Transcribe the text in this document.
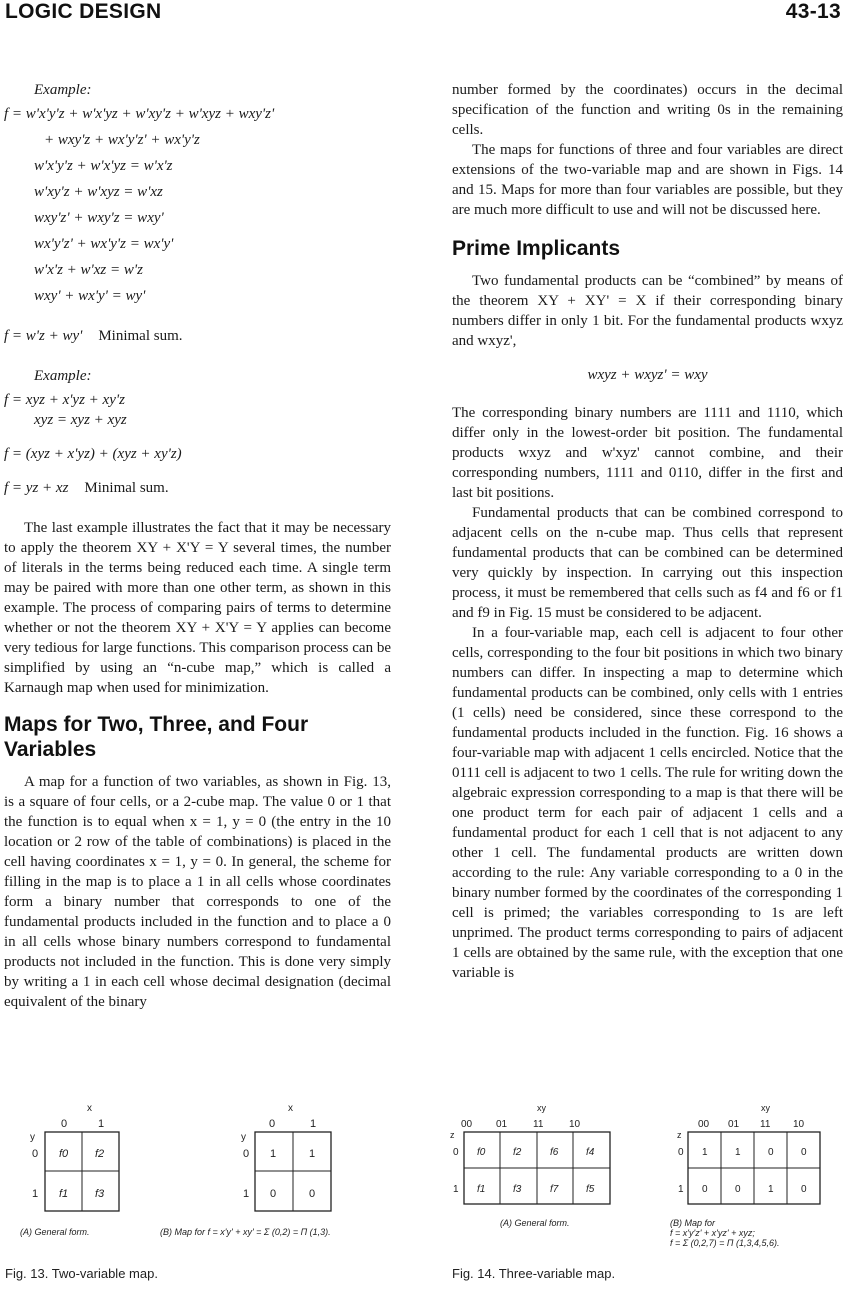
LOGIC DESIGN	43-13

Example:

f = w'x'y'z + w'x'yz + w'xy'z + w'xyz + wxy'z'

+ wxy'z + wx'y'z' + wx'y'z

w'x'y'z + w'x'yz = w'x'z

w'xy'z + w'xyz = w'xz

wxy'z' + wxy'z = wxy'

wx'y'z' + wx'y'z = wx'y'

w'x'z + w'xz = w'z

wxy' + wx'y' = wy'

f = w'z + wy' Minimal sum.

Example:

f = xyz + x'yz + xy'z

xyz = xyz + xyz

f = (xyz + x'yz) + (xyz + xy'z)

f = yz + xz Minimal sum.

The last example illustrates the fact that it may be necessary to apply the theorem XY + X'Y = Y several times, the number of literals in the terms being reduced each time. A single term may be paired with more than one other term, as shown in this example. The process of comparing pairs of terms to determine whether or not the theorem XY + X'Y = Y applies can become very tedious for large functions. This comparison process can be simplified by using an “n-cube map,” which is called a Karnaugh map when used for minimization.

Maps for Two, Three, and Four Variables

A map for a function of two variables, as shown in Fig. 13, is a square of four cells, or a 2-cube map. The value 0 or 1 that the function is to equal when x = 1, y = 0 (the entry in the 10 location or 2 row of the table of combinations) is placed in the cell having coordinates x = 1, y = 0. In general, the scheme for filling in the map is to place a 1 in all cells whose coordinates form a binary number that corresponds to one of the fundamental products included in the function and to place a 0 in all cells whose binary numbers correspond to fundamental products not included in the function. This is done very simply by writing a 1 in each cell whose decimal designation (decimal equivalent of the binary

number formed by the coordinates) occurs in the decimal specification of the function and writing 0s in the remaining cells.

The maps for functions of three and four variables are direct extensions of the two-variable map and are shown in Figs. 14 and 15. Maps for more than four variables are possible, but they are much more difficult to use and will not be discussed here.

Prime Implicants

Two fundamental products can be “combined” by means of the theorem XY + XY' = X if their corresponding binary numbers differ in only 1 bit. For the fundamental products wxyz and wxyz',

wxyz + wxyz' = wxy

The corresponding binary numbers are 1111 and 1110, which differ only in the lowest-order bit position. The fundamental products wxyz and w'xyz' cannot combine, and their corresponding numbers, 1111 and 0110, differ in the first and last bit positions.

Fundamental products that can be combined correspond to adjacent cells on the n-cube map. Thus cells that represent fundamental products that can be combined can be determined very quickly by inspection. In carrying out this inspection process, it must be remembered that cells such as f4 and f6 or f1 and f9 in Fig. 15 must be considered to be adjacent.

In a four-variable map, each cell is adjacent to four other cells, corresponding to the four bit positions in which two binary numbers can differ. In inspecting a map to determine which fundamental products can be combined, only cells with 1 entries (1 cells) need be considered, since these correspond to the fundamental products included in the function. Fig. 16 shows a four-variable map with adjacent 1 cells encircled. Notice that the 0111 cell is adjacent to two 1 cells. The rule for writing down the algebraic expression corresponding to a map is that there will be one product term for each pair of adjacent 1 cells and a fundamental product for each 1 cell that is not adjacent to any other 1 cell. The fundamental products are written down according to the rule: Any variable corresponding to a 0 in the binary number formed by the coordinates of the corresponding 1 cell is primed; the variables corresponding to 1s are left unprimed. The product terms corresponding to pairs of adjacent 1 cells are obtained by the same rule, with the exception that one variable is

x
0	1
y
0
1
f0 f2
f1 f3
x
0	1
y
0
1
1	1
0	0
(A) General form.	(B) Map for f = x'y' + xy' = Σ (0,2) = Π (1,3).
Fig. 13. Two-variable map.
xy
00 01	11	10
z
0
1
f0	f2	f6	f4
f1	f3	f7	f5
xy
00 01 11 10
z
0
1
1	1	0	0
0	0	1	0
(A) General form.	(B) Map for
f = x'y'z' + x'yz' + xyz;
f = Σ (0,2,7) = Π (1,3,4,5,6).
Fig. 14. Three-variable map.
